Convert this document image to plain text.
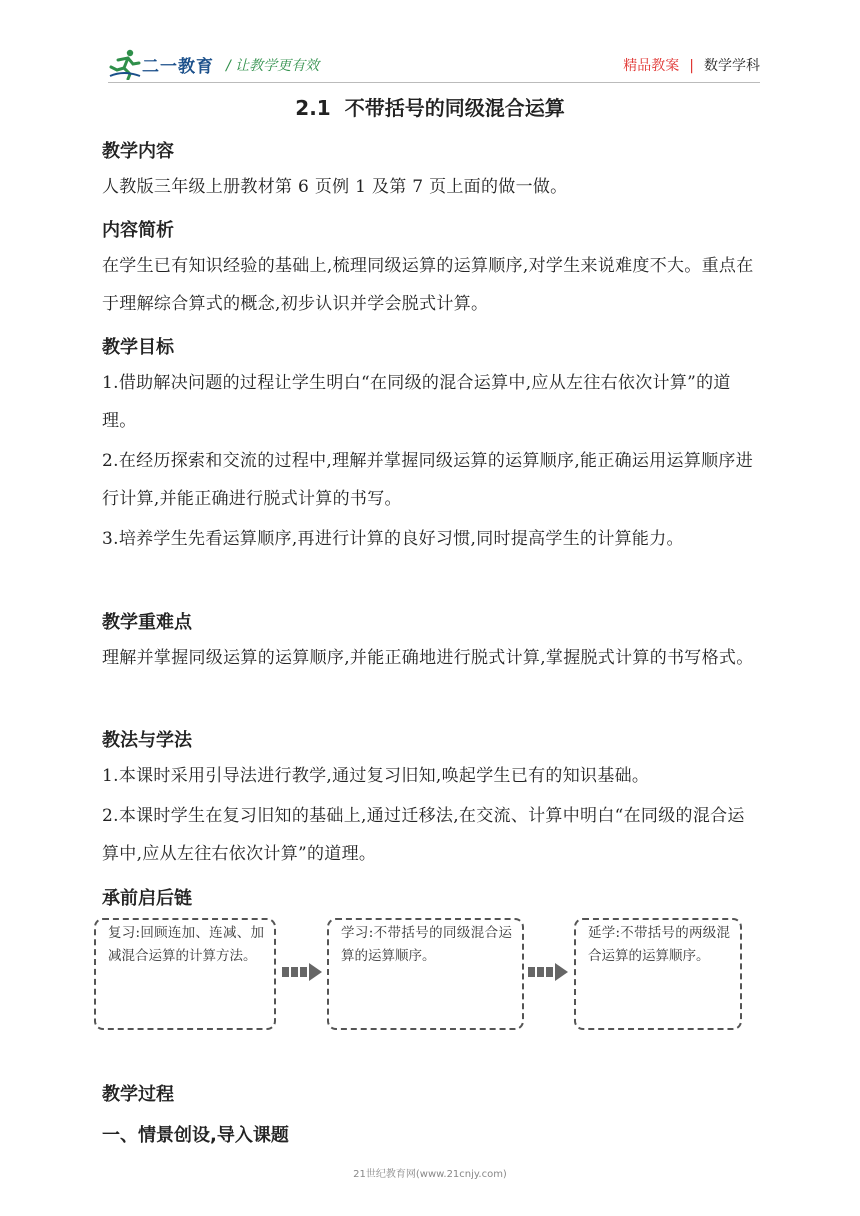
二一教育 / 让教学更有效	精品教案 | 数学学科
2.1 不带括号的同级混合运算
教学内容
人教版三年级上册教材第 6 页例 1 及第 7 页上面的做一做。
内容简析
在学生已有知识经验的基础上,梳理同级运算的运算顺序,对学生来说难度不大。重点在于理解综合算式的概念,初步认识并学会脱式计算。
教学目标
1.借助解决问题的过程让学生明白“在同级的混合运算中,应从左往右依次计算”的道理。
2.在经历探索和交流的过程中,理解并掌握同级运算的运算顺序,能正确运用运算顺序进行计算,并能正确进行脱式计算的书写。
3.培养学生先看运算顺序,再进行计算的良好习惯,同时提高学生的计算能力。
教学重难点
理解并掌握同级运算的运算顺序,并能正确地进行脱式计算,掌握脱式计算的书写格式。
教法与学法
1.本课时采用引导法进行教学,通过复习旧知,唤起学生已有的知识基础。
2.本课时学生在复习旧知的基础上,通过迁移法,在交流、计算中明白“在同级的混合运算中,应从左往右依次计算”的道理。
承前启后链
复习:回顾连加、连减、加减混合运算的计算方法。
学习:不带括号的同级混合运算的运算顺序。
延学:不带括号的两级混合运算的运算顺序。
教学过程
一、情景创设,导入课题
21世纪教育网(www.21cnjy.com)
